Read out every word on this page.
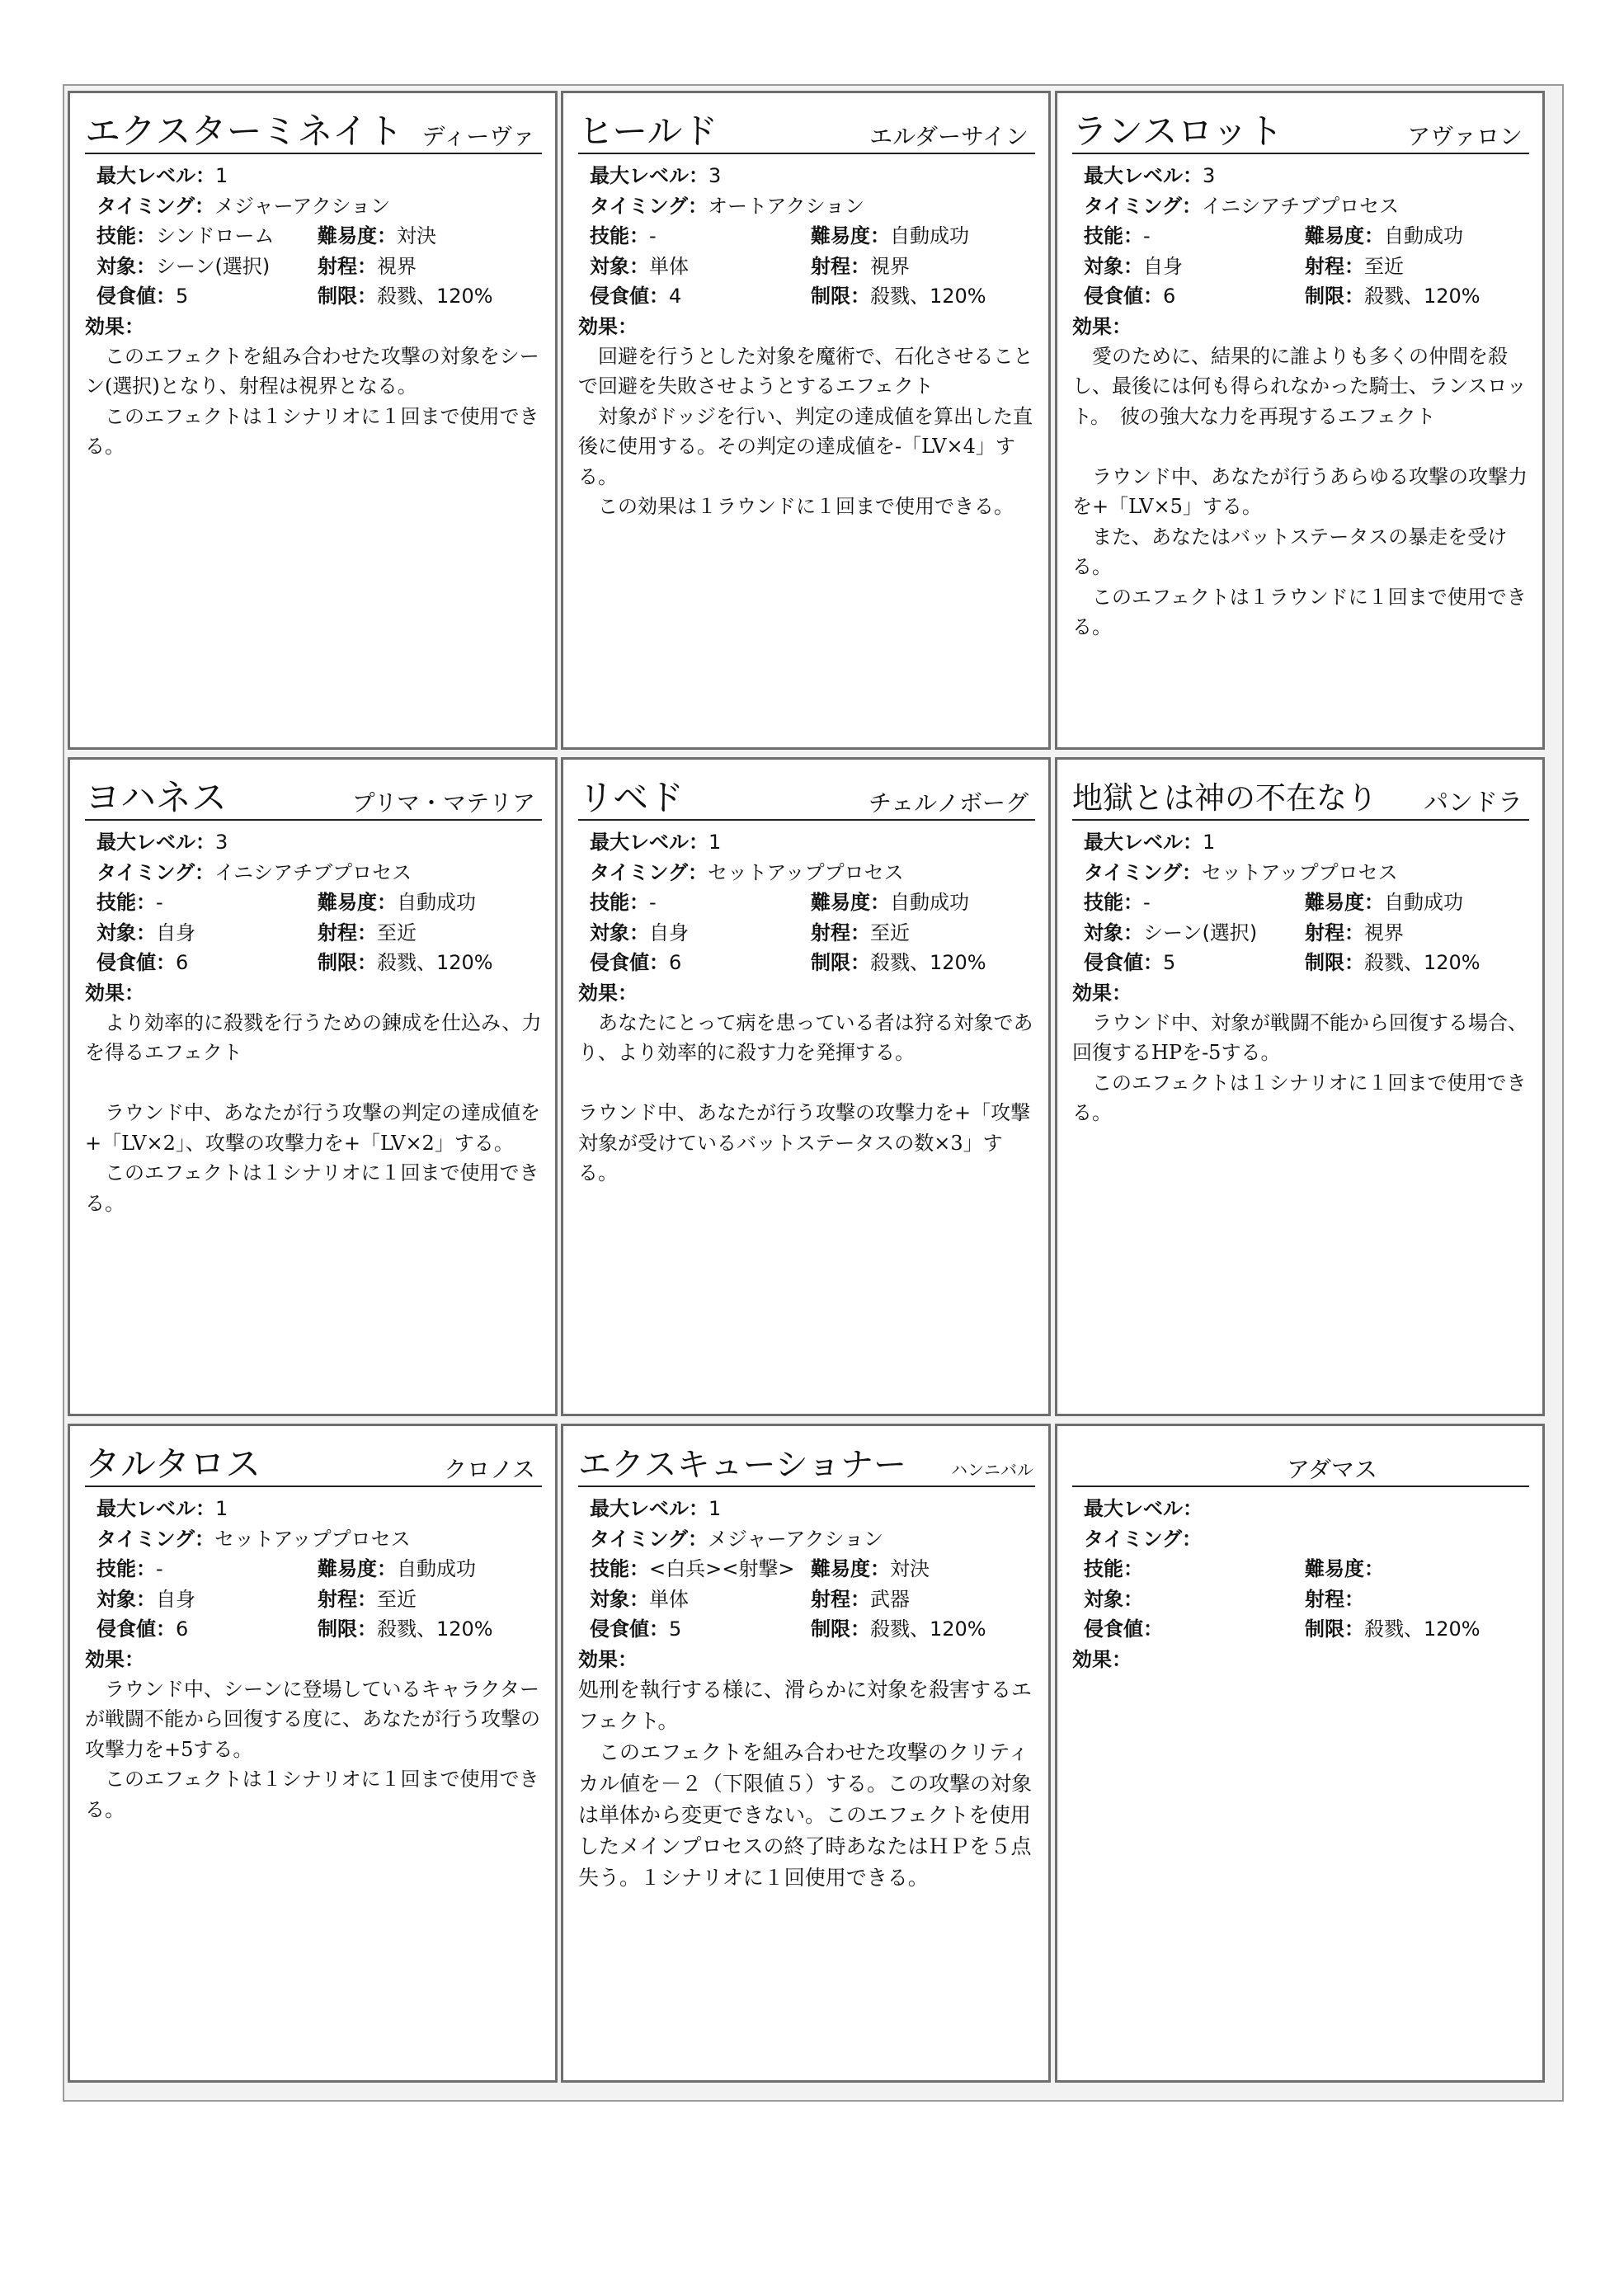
エクスターミネイト ディーヴァ
最大レベル： 1
タイミング： メジャーアクション
技能：シンドローム	難易度：対決
対象：シーン(選択)	射程：視界
侵食値：5	制限：殺戮、120%
効果：
　このエフェクトを組み合わせた攻撃の対象をシーン(選択)となり、射程は視界となる。
　このエフェクトは１シナリオに１回まで使用できる。
ヒールド	エルダーサイン
最大レベル： 3
タイミング： オートアクション
技能：-	難易度：自動成功
対象：単体	射程：視界
侵食値：4	制限：殺戮、120%
効果：
　回避を行うとした対象を魔術で、石化させることで回避を失敗させようとするエフェクト
　対象がドッジを行い、判定の達成値を算出した直後に使用する。その判定の達成値を-「LV×4」する。
　この効果は１ラウンドに１回まで使用できる。
ランスロット	アヴァロン
最大レベル： 3
タイミング： イニシアチブプロセス
技能：-	難易度：自動成功
対象：自身	射程：至近
侵食値：6	制限：殺戮、120%
効果：
　愛のために、結果的に誰よりも多くの仲間を殺し、最後には何も得られなかった騎士、ランスロット。　彼の強大な力を再現するエフェクト

　ラウンド中、あなたが行うあらゆる攻撃の攻撃力を+「LV×5」する。
　また、あなたはバットステータスの暴走を受ける。
　このエフェクトは１ラウンドに１回まで使用できる。
ヨハネス	プリマ・マテリア
最大レベル： 3
タイミング： イニシアチブプロセス
技能：-	難易度：自動成功
対象：自身	射程：至近
侵食値：6	制限：殺戮、120%
効果：
　より効率的に殺戮を行うための錬成を仕込み、力を得るエフェクト

　ラウンド中、あなたが行う攻撃の判定の達成値を+「LV×2」、攻撃の攻撃力を+「LV×2」する。
　このエフェクトは１シナリオに１回まで使用できる。
リベド	チェルノボーグ
最大レベル： 1
タイミング： セットアッププロセス
技能：-	難易度：自動成功
対象：自身	射程：至近
侵食値：6	制限：殺戮、120%
効果：
　あなたにとって病を患っている者は狩る対象であり、より効率的に殺す力を発揮する。

ラウンド中、あなたが行う攻撃の攻撃力を+「攻撃対象が受けているバットステータスの数×3」する。
地獄とは神の不在なり パンドラ
最大レベル： 1
タイミング： セットアッププロセス
技能：-	難易度：自動成功
対象：シーン(選択)	射程：視界
侵食値：5	制限：殺戮、120%
効果：
　ラウンド中、対象が戦闘不能から回復する場合、回復するHPを-5する。
　このエフェクトは１シナリオに１回まで使用できる。
タルタロス	クロノス
最大レベル： 1
タイミング： セットアッププロセス
技能：-	難易度：自動成功
対象：自身	射程：至近
侵食値：6	制限：殺戮、120%
効果：
　ラウンド中、シーンに登場しているキャラクターが戦闘不能から回復する度に、あなたが行う攻撃の攻撃力を+5する。
　このエフェクトは１シナリオに１回まで使用できる。
エクスキューショナー	ハンニバル
最大レベル： 1
タイミング： メジャーアクション
技能：<白兵><射撃> 難易度：対決
対象：単体	射程：武器
侵食値：5	制限：殺戮、120%
効果：
処刑を執行する様に、滑らかに対象を殺害するエフェクト。
　このエフェクトを組み合わせた攻撃のクリティカル値を－２（下限値５）する。この攻撃の対象は単体から変更できない。このエフェクトを使用したメインプロセスの終了時あなたはＨＰを５点失う。１シナリオに１回使用できる。
アダマス
最大レベル：
タイミング：
技能：	難易度：
対象：	射程：
侵食値：	制限：殺戮、120%
効果：
